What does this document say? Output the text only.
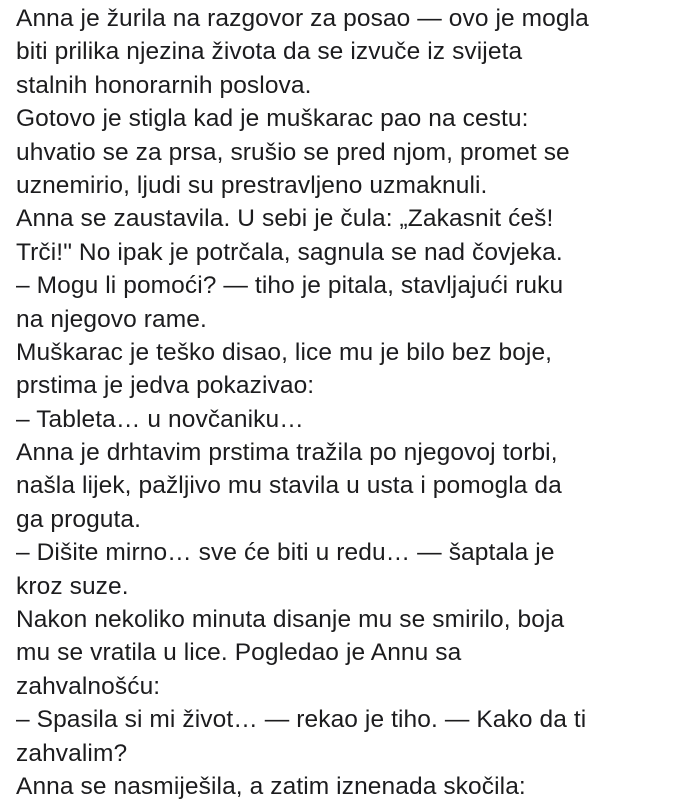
Anna je žurila na razgovor za posao — ovo je mogla
biti prilika njezina života da se izvuče iz svijeta
stalnih honorarnih poslova.
Gotovo je stigla kad je muškarac pao na cestu:
uhvatio se za prsa, srušio se pred njom, promet se
uznemirio, ljudi su prestravljeno uzmaknuli.
Anna se zaustavila. U sebi je čula: „Zakasnit ćeš!
Trči!" No ipak je potrčala, sagnula se nad čovjeka.
– Mogu li pomoći? — tiho je pitala, stavljajući ruku
na njegovo rame.
Muškarac je teško disao, lice mu je bilo bez boje,
prstima je jedva pokazivao:
– Tableta… u novčaniku…
Anna je drhtavim prstima tražila po njegovoj torbi,
našla lijek, pažljivo mu stavila u usta i pomogla da
ga proguta.
– Dišite mirno… sve će biti u redu… — šaptala je
kroz suze.
Nakon nekoliko minuta disanje mu se smirilo, boja
mu se vratila u lice. Pogledao je Annu sa
zahvalnošću:
– Spasila si mi život… — rekao je tiho. — Kako da ti
zahvalim?
Anna se nasmiješila, a zatim iznenada skočila:
